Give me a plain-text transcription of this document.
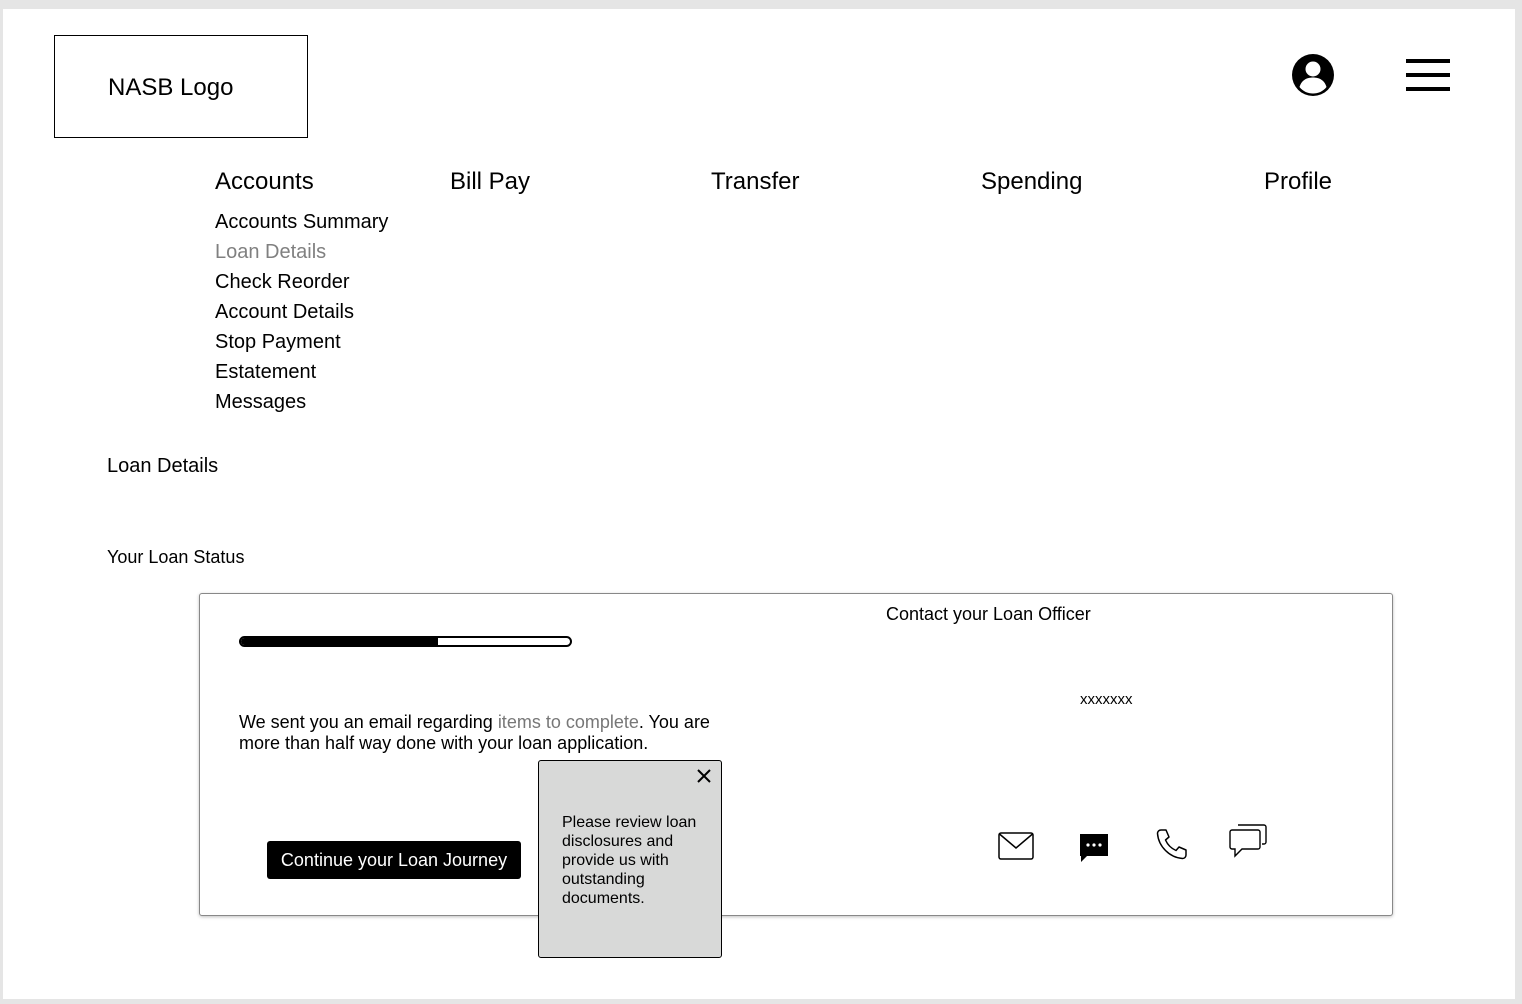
NASB Logo
Accounts	Bill Pay	Transfer	Spending	Profile
Accounts Summary
Loan Details
Check Reorder
Account Details
Stop Payment
Estatement
Messages
Loan Details
Your Loan Status

We sent you an email regarding items to complete. You are more than half way done with your loan application.

Continue your Loan Journey
Contact your Loan Officer
xxxxxxx

Please review loan disclosures and provide us with outstanding documents.
